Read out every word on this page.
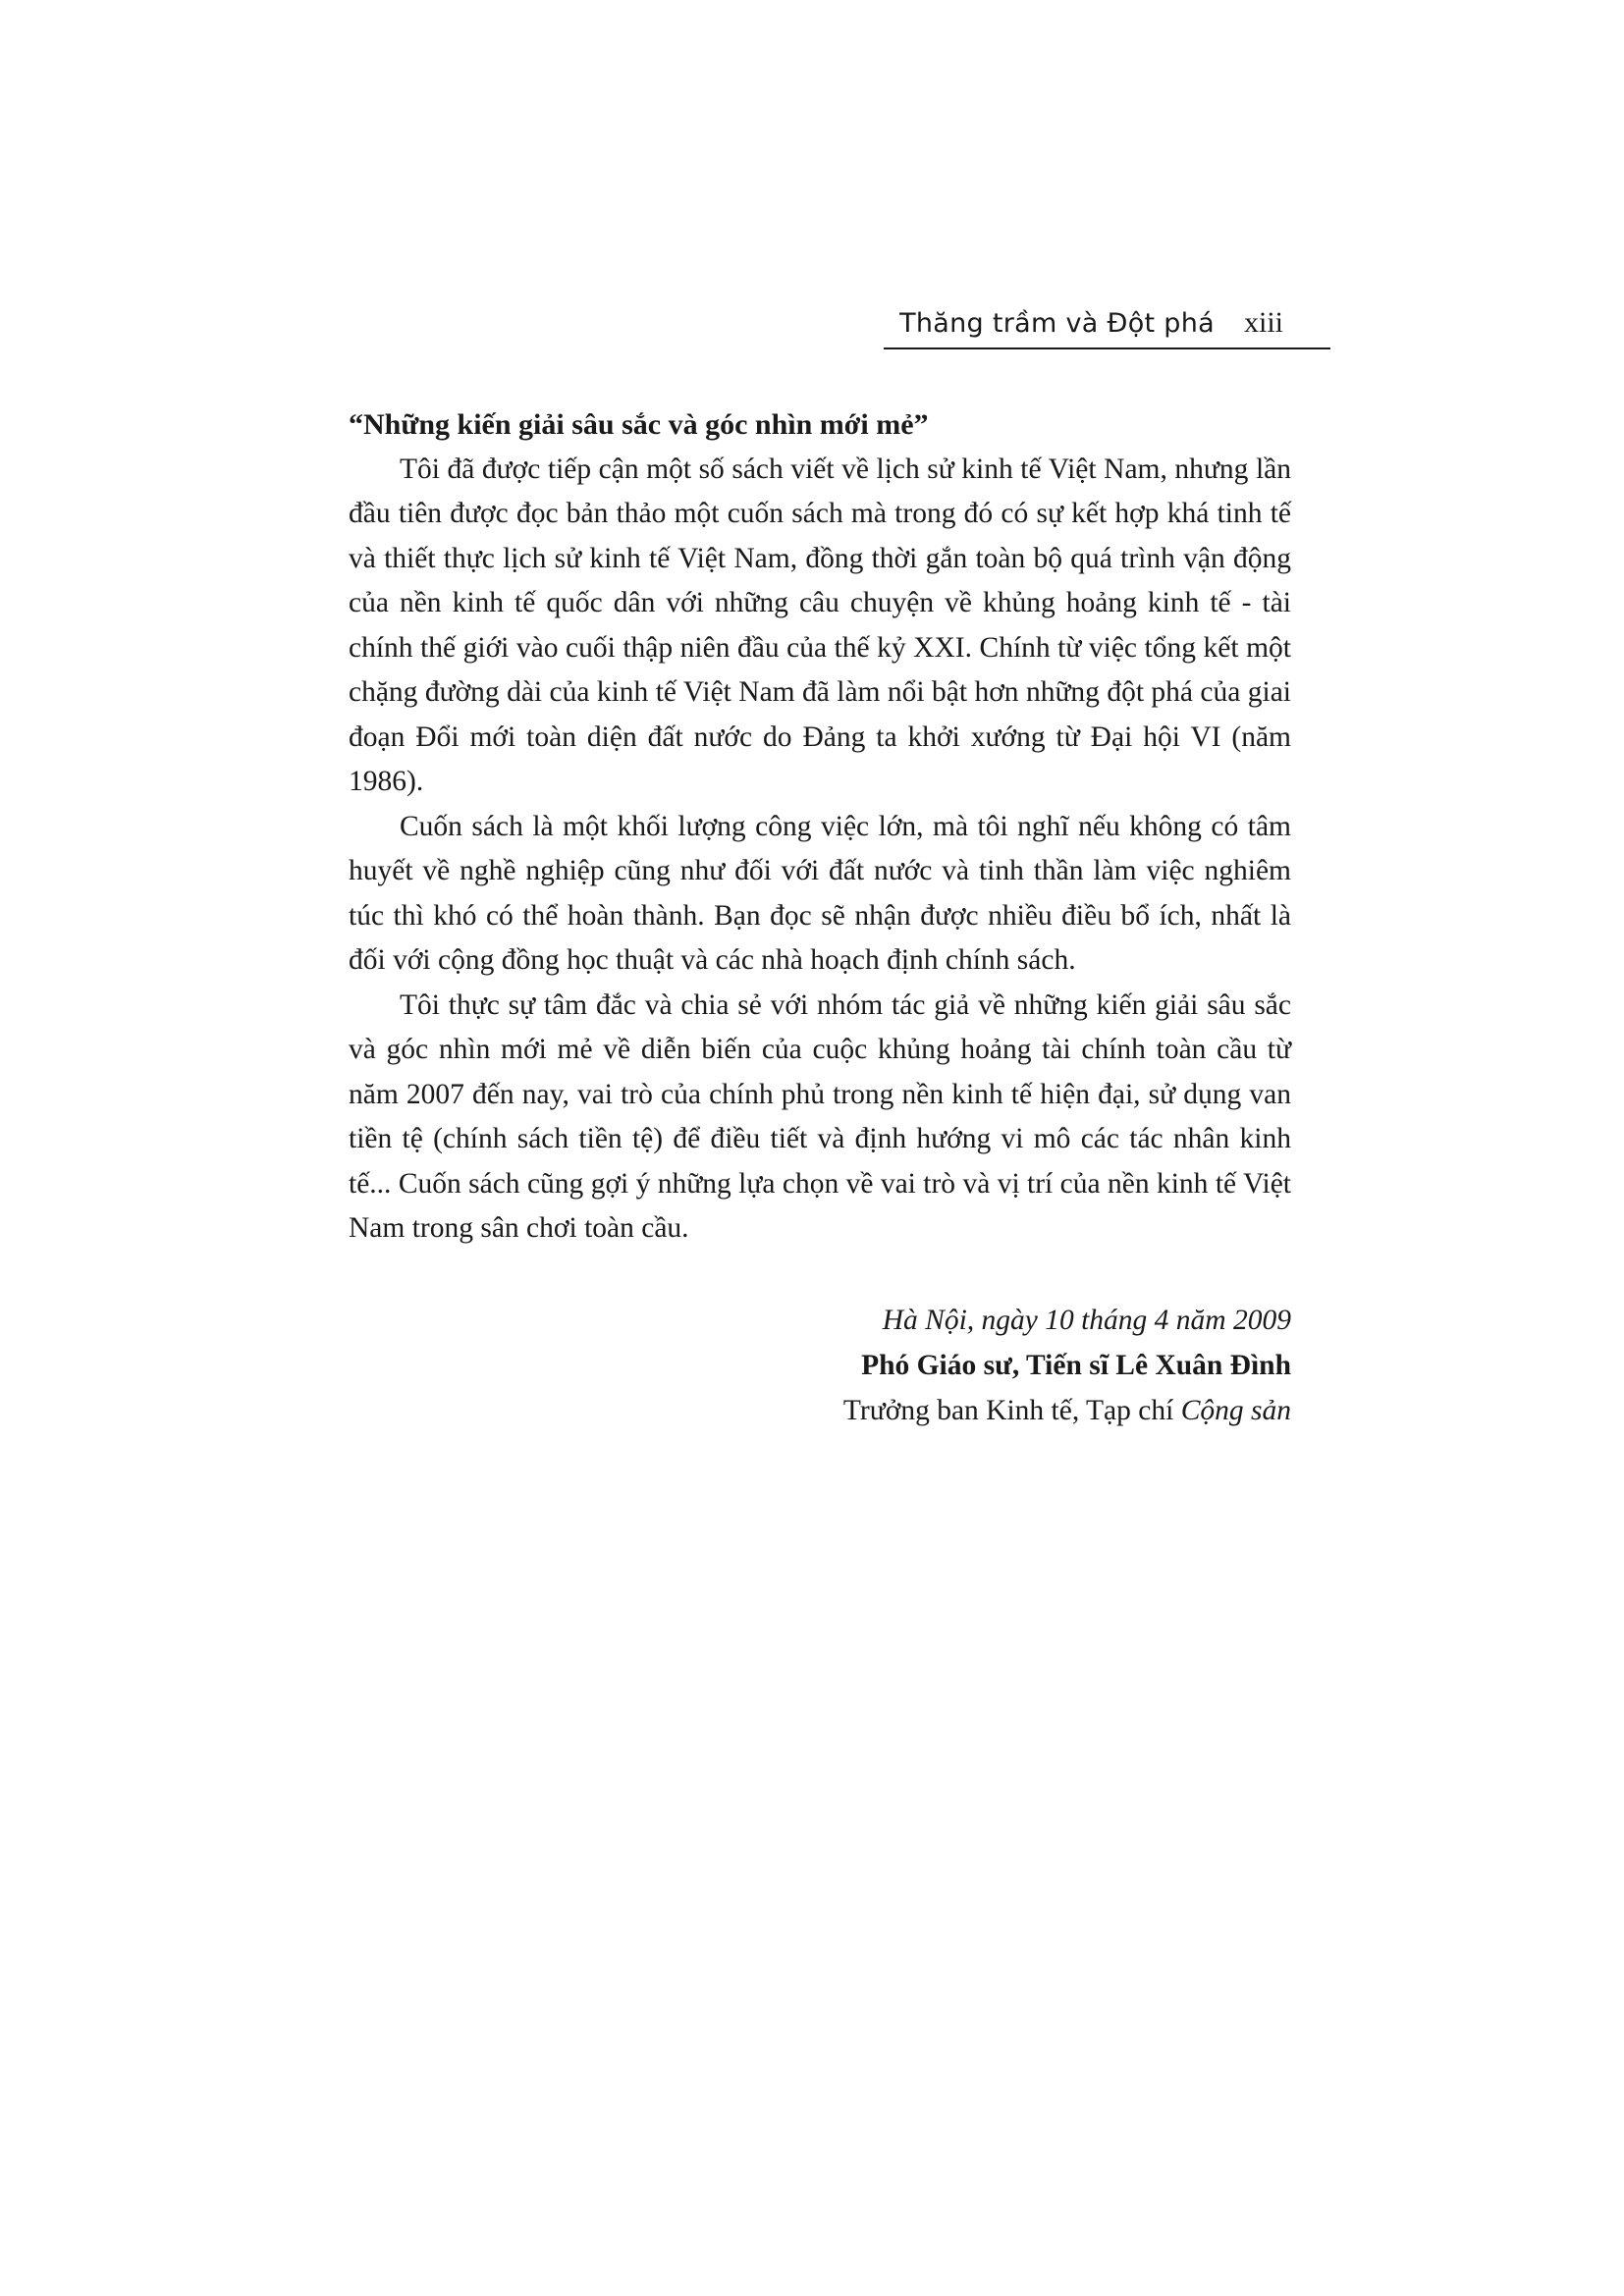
Thăng trầm và Đột phá xiii

“Những kiến giải sâu sắc và góc nhìn mới mẻ”

Tôi đã được tiếp cận một số sách viết về lịch sử kinh tế Việt Nam, nhưng lần đầu tiên được đọc bản thảo một cuốn sách mà trong đó có sự kết hợp khá tinh tế và thiết thực lịch sử kinh tế Việt Nam, đồng thời gắn toàn bộ quá trình vận động của nền kinh tế quốc dân với những câu chuyện về khủng hoảng kinh tế - tài chính thế giới vào cuối thập niên đầu của thế kỷ XXI. Chính từ việc tổng kết một chặng đường dài của kinh tế Việt Nam đã làm nổi bật hơn những đột phá của giai đoạn Đổi mới toàn diện đất nước do Đảng ta khởi xướng từ Đại hội VI (năm 1986).

Cuốn sách là một khối lượng công việc lớn, mà tôi nghĩ nếu không có tâm huyết về nghề nghiệp cũng như đối với đất nước và tinh thần làm việc nghiêm túc thì khó có thể hoàn thành. Bạn đọc sẽ nhận được nhiều điều bổ ích, nhất là đối với cộng đồng học thuật và các nhà hoạch định chính sách.

Tôi thực sự tâm đắc và chia sẻ với nhóm tác giả về những kiến giải sâu sắc và góc nhìn mới mẻ về diễn biến của cuộc khủng hoảng tài chính toàn cầu từ năm 2007 đến nay, vai trò của chính phủ trong nền kinh tế hiện đại, sử dụng van tiền tệ (chính sách tiền tệ) để điều tiết và định hướng vi mô các tác nhân kinh tế... Cuốn sách cũng gợi ý những lựa chọn về vai trò và vị trí của nền kinh tế Việt Nam trong sân chơi toàn cầu.

Hà Nội, ngày 10 tháng 4 năm 2009
Phó Giáo sư, Tiến sĩ Lê Xuân Đình
Trưởng ban Kinh tế, Tạp chí Cộng sản
